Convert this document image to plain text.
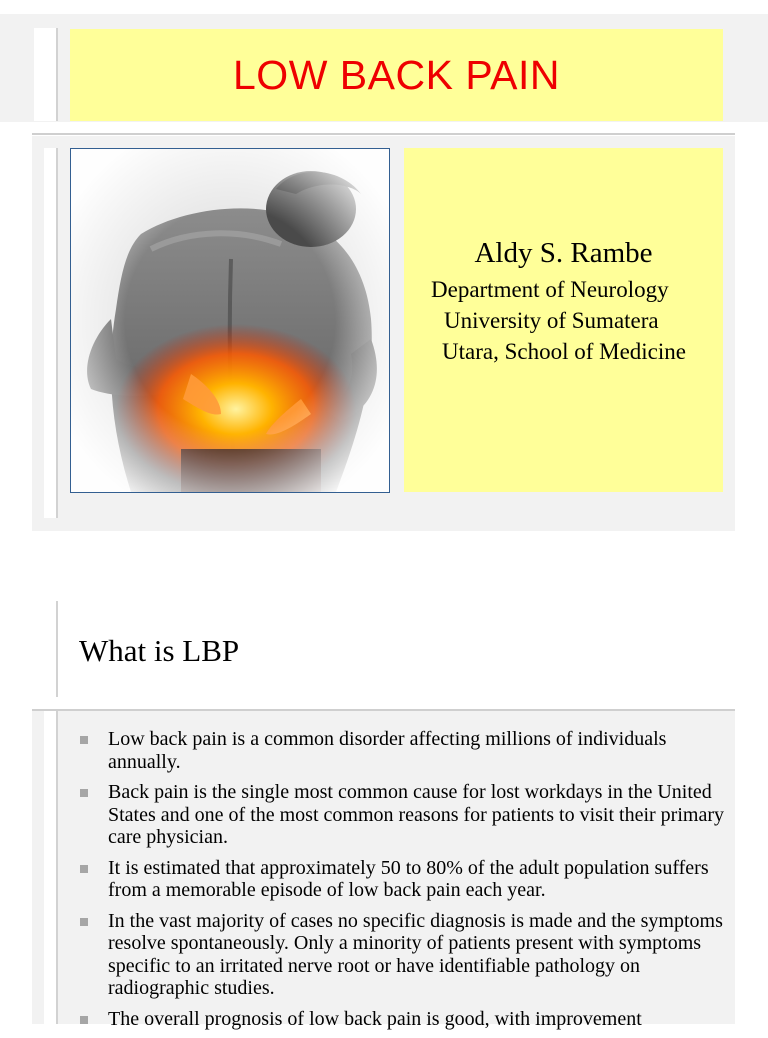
LOW BACK PAIN
Aldy S. Rambe
Department of Neurology
University of Sumatera
Utara, School of Medicine
What is LBP
Low back pain is a common disorder affecting millions of individuals annually.
Back pain is the single most common cause for lost workdays in the United States and one of the most common reasons for patients to visit their primary care physician.
It is estimated that approximately 50 to 80% of the adult population suffers from a memorable episode of low back pain each year.
In the vast majority of cases no specific diagnosis is made and the symptoms resolve spontaneously. Only a minority of patients present with symptoms specific to an irritated nerve root or have identifiable pathology on radiographic studies.
The overall prognosis of low back pain is good, with improvement
